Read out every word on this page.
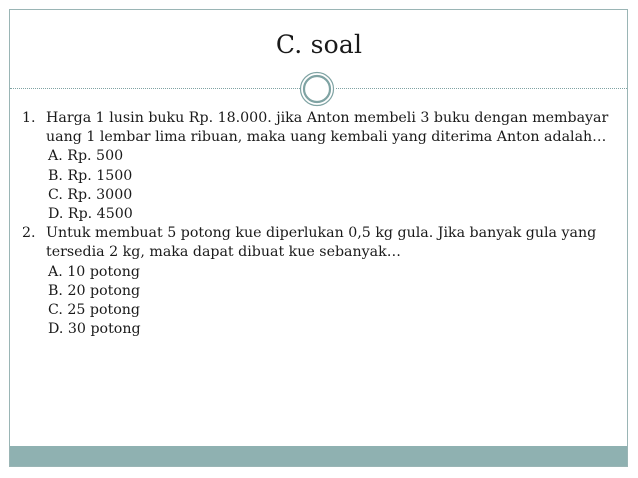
C. soal
1. Harga 1 lusin buku Rp. 18.000. jika Anton membeli 3 buku dengan membayar
uang 1 lembar lima ribuan, maka uang kembali yang diterima Anton adalah…
A. Rp. 500
B. Rp. 1500
C. Rp. 3000
D. Rp. 4500
2. Untuk membuat 5 potong kue diperlukan 0,5 kg gula. Jika banyak gula yang
tersedia 2 kg, maka dapat dibuat kue sebanyak…
A. 10 potong
B. 20 potong
C. 25 potong
D. 30 potong
